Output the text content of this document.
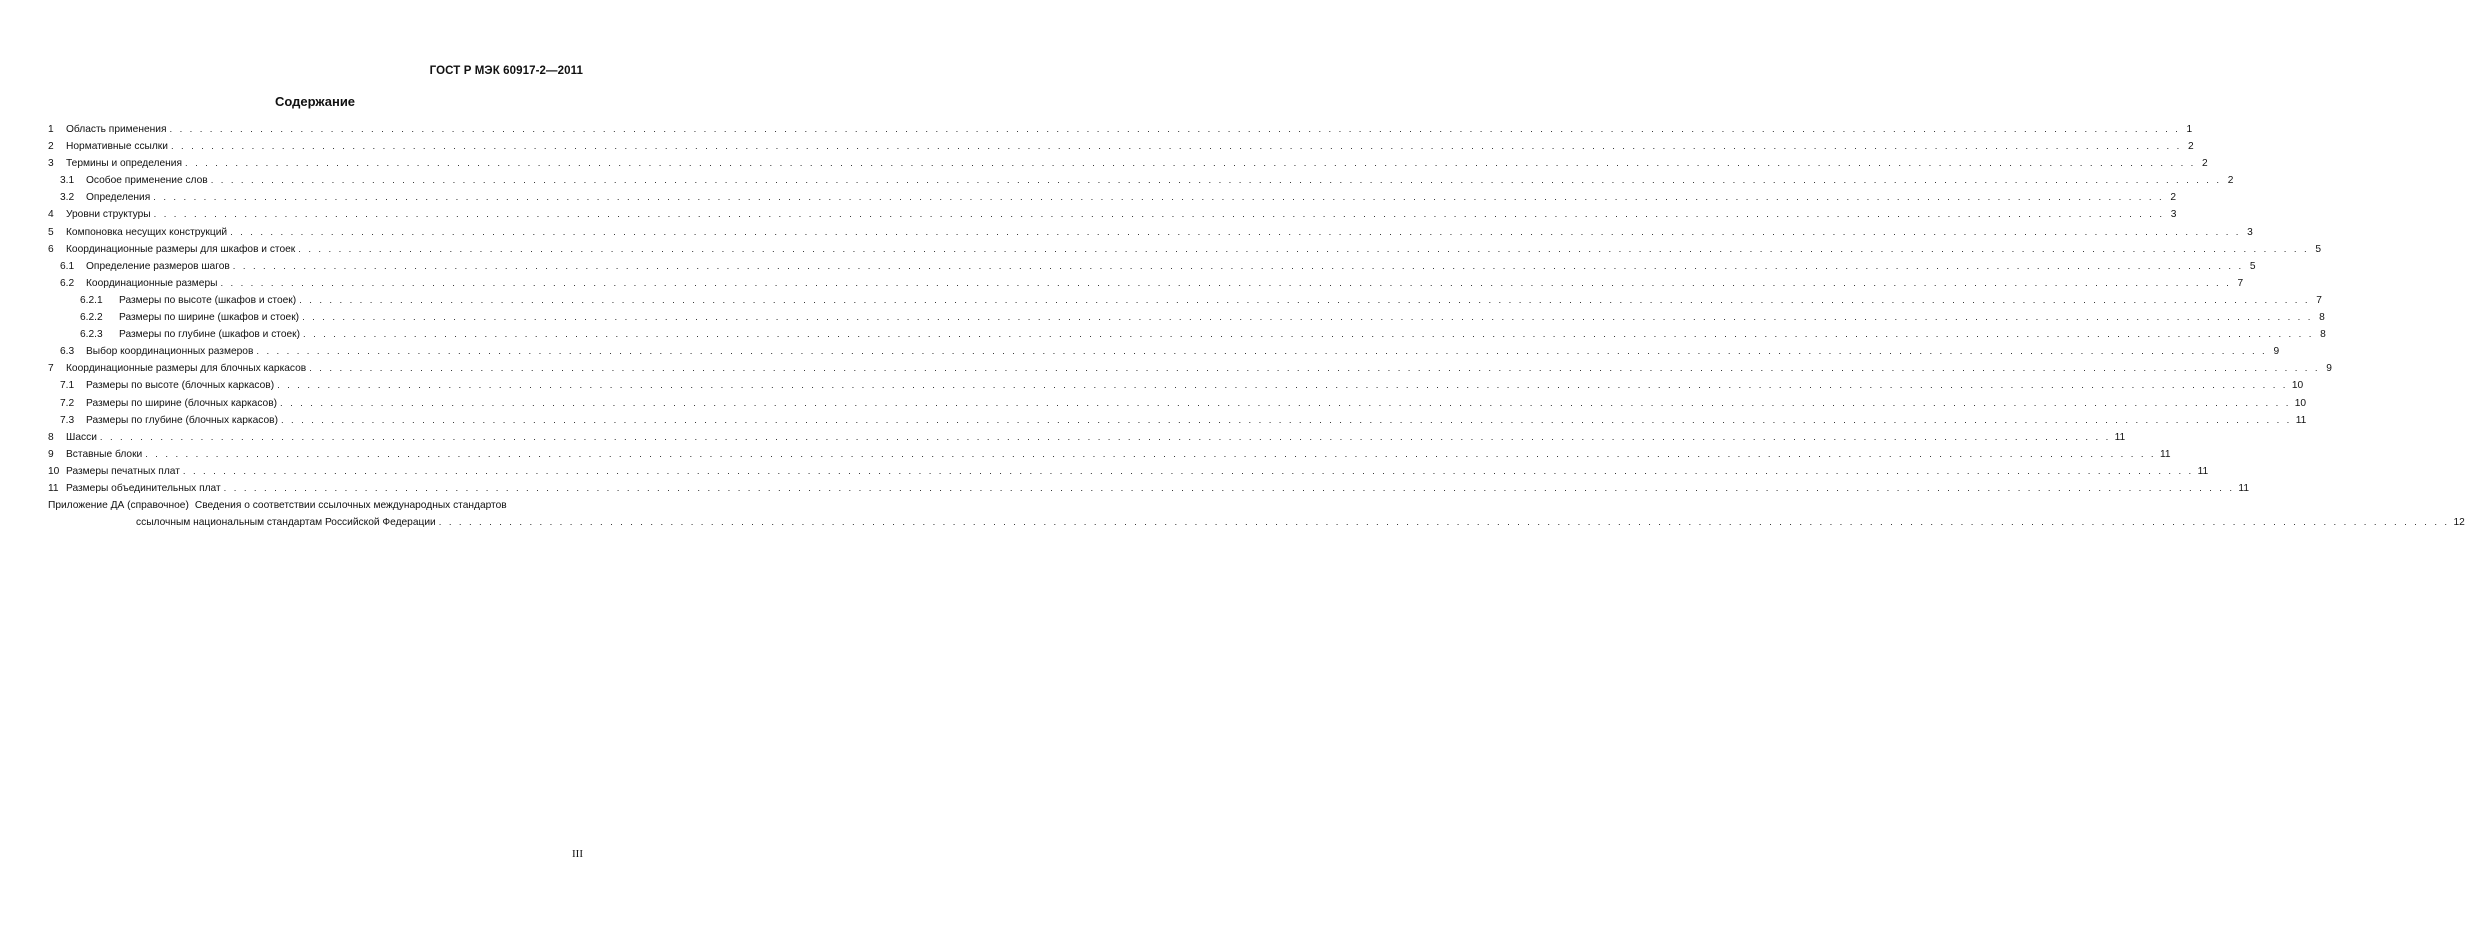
ГОСТ Р МЭК 60917-2—2011
Содержание
1	Область применения . . . . . . . . . . . . . . . . . . . . . . . . . . . . . . . . . . . . . . . . . . . . . . . . . . . . . . . . . . . . . . . . . . . . . . . . . . . . . . . . . . . . . . . . . . . . . . . . . . . . . . . . . . . . . . . . . . . . . . . . . . . . . . . . . . . . . . . . . . . . . . . . . . . . . . . . . . . . . . . . . . . . . . . . . . . . . . . . . . . . . . . . . . . . . . . . . . . . . . . . 1
2	Нормативные ссылки . . . . . . . . . . . . . . . . . . . . . . . . . . . . . . . . . . . . . . . . . . . . . . . . . . . . . . . . . . . . . . . . . . . . . . . . . . . . . . . . . . . . . . . . . . . . . . . . . . . . . . . . . . . . . . . . . . . . . . . . . . . . . . . . . . . . . . . . . . . . . . . . . . . . . . . . . . . . . . . . . . . . . . . . . . . . . . . . . . . . . . . . . . . . . . . . . . . . . . . . 2
3	Термины и определения . . . . . . . . . . . . . . . . . . . . . . . . . . . . . . . . . . . . . . . . . . . . . . . . . . . . . . . . . . . . . . . . . . . . . . . . . . . . . . . . . . . . . . . . . . . . . . . . . . . . . . . . . . . . . . . . . . . . . . . . . . . . . . . . . . . . . . . . . . . . . . . . . . . . . . . . . . . . . . . . . . . . . . . . . . . . . . . . . . . . . . . . . . . . . . . . . . . . . . . . 2
3.1	Особое применение слов . . . . . . . . . . . . . . . . . . . . . . . . . . . . . . . . . . . . . . . . . . . . . . . . . . . . . . . . . . . . . . . . . . . . . . . . . . . . . . . . . . . . . . . . . . . . . . . . . . . . . . . . . . . . . . . . . . . . . . . . . . . . . . . . . . . . . . . . . . . . . . . . . . . . . . . . . . . . . . . . . . . . . . . . . . . . . . . . . . . . . . . . . . . . . . . . . . . . . . . . 2
3.2	Определения . . . . . . . . . . . . . . . . . . . . . . . . . . . . . . . . . . . . . . . . . . . . . . . . . . . . . . . . . . . . . . . . . . . . . . . . . . . . . . . . . . . . . . . . . . . . . . . . . . . . . . . . . . . . . . . . . . . . . . . . . . . . . . . . . . . . . . . . . . . . . . . . . . . . . . . . . . . . . . . . . . . . . . . . . . . . . . . . . . . . . . . . . . . . . . . . . . . . . . . . 2
4	Уровни структуры . . . . . . . . . . . . . . . . . . . . . . . . . . . . . . . . . . . . . . . . . . . . . . . . . . . . . . . . . . . . . . . . . . . . . . . . . . . . . . . . . . . . . . . . . . . . . . . . . . . . . . . . . . . . . . . . . . . . . . . . . . . . . . . . . . . . . . . . . . . . . . . . . . . . . . . . . . . . . . . . . . . . . . . . . . . . . . . . . . . . . . . . . . . . . . . . . . . . . . . . 3
5	Компоновка несущих конструкций . . . . . . . . . . . . . . . . . . . . . . . . . . . . . . . . . . . . . . . . . . . . . . . . . . . . . . . . . . . . . . . . . . . . . . . . . . . . . . . . . . . . . . . . . . . . . . . . . . . . . . . . . . . . . . . . . . . . . . . . . . . . . . . . . . . . . . . . . . . . . . . . . . . . . . . . . . . . . . . . . . . . . . . . . . . . . . . . . . . . . . . . . . . . . . . . . . . . . . . . 3
6	Координационные размеры для шкафов и стоек . . . . . . . . . . . . . . . . . . . . . . . . . . . . . . . . . . . . . . . . . . . . . . . . . . . . . . . . . . . . . . . . . . . . . . . . . . . . . . . . . . . . . . . . . . . . . . . . . . . . . . . . . . . . . . . . . . . . . . . . . . . . . . . . . . . . . . . . . . . . . . . . . . . . . . . . . . . . . . . . . . . . . . . . . . . . . . . . . . . . . . . . . . . . . . . . . . . . . . . . 5
6.1	Определение размеров шагов . . . . . . . . . . . . . . . . . . . . . . . . . . . . . . . . . . . . . . . . . . . . . . . . . . . . . . . . . . . . . . . . . . . . . . . . . . . . . . . . . . . . . . . . . . . . . . . . . . . . . . . . . . . . . . . . . . . . . . . . . . . . . . . . . . . . . . . . . . . . . . . . . . . . . . . . . . . . . . . . . . . . . . . . . . . . . . . . . . . . . . . . . . . . . . . . . . . . . . . . 5
6.2	Координационные размеры . . . . . . . . . . . . . . . . . . . . . . . . . . . . . . . . . . . . . . . . . . . . . . . . . . . . . . . . . . . . . . . . . . . . . . . . . . . . . . . . . . . . . . . . . . . . . . . . . . . . . . . . . . . . . . . . . . . . . . . . . . . . . . . . . . . . . . . . . . . . . . . . . . . . . . . . . . . . . . . . . . . . . . . . . . . . . . . . . . . . . . . . . . . . . . . . . . . . . . . . 7
6.2.1	Размеры по высоте (шкафов и стоек) . . . . . . . . . . . . . . . . . . . . . . . . . . . . . . . . . . . . . . . . . . . . . . . . . . . . . . . . . . . . . . . . . . . . . . . . . . . . . . . . . . . . . . . . . . . . . . . . . . . . . . . . . . . . . . . . . . . . . . . . . . . . . . . . . . . . . . . . . . . . . . . . . . . . . . . . . . . . . . . . . . . . . . . . . . . . . . . . . . . . . . . . . . . . . . . . . . . . . . . . 7
6.2.2	Размеры по ширине (шкафов и стоек) . . . . . . . . . . . . . . . . . . . . . . . . . . . . . . . . . . . . . . . . . . . . . . . . . . . . . . . . . . . . . . . . . . . . . . . . . . . . . . . . . . . . . . . . . . . . . . . . . . . . . . . . . . . . . . . . . . . . . . . . . . . . . . . . . . . . . . . . . . . . . . . . . . . . . . . . . . . . . . . . . . . . . . . . . . . . . . . . . . . . . . . . . . . . . . . . . . . . . . . . 8
6.2.3	Размеры по глубине (шкафов и стоек) . . . . . . . . . . . . . . . . . . . . . . . . . . . . . . . . . . . . . . . . . . . . . . . . . . . . . . . . . . . . . . . . . . . . . . . . . . . . . . . . . . . . . . . . . . . . . . . . . . . . . . . . . . . . . . . . . . . . . . . . . . . . . . . . . . . . . . . . . . . . . . . . . . . . . . . . . . . . . . . . . . . . . . . . . . . . . . . . . . . . . . . . . . . . . . . . . . . . . . . . 8
6.3	Выбор координационных размеров . . . . . . . . . . . . . . . . . . . . . . . . . . . . . . . . . . . . . . . . . . . . . . . . . . . . . . . . . . . . . . . . . . . . . . . . . . . . . . . . . . . . . . . . . . . . . . . . . . . . . . . . . . . . . . . . . . . . . . . . . . . . . . . . . . . . . . . . . . . . . . . . . . . . . . . . . . . . . . . . . . . . . . . . . . . . . . . . . . . . . . . . . . . . . . . . . . . . . . . . 9
7	Координационные размеры для блочных каркасов . . . . . . . . . . . . . . . . . . . . . . . . . . . . . . . . . . . . . . . . . . . . . . . . . . . . . . . . . . . . . . . . . . . . . . . . . . . . . . . . . . . . . . . . . . . . . . . . . . . . . . . . . . . . . . . . . . . . . . . . . . . . . . . . . . . . . . . . . . . . . . . . . . . . . . . . . . . . . . . . . . . . . . . . . . . . . . . . . . . . . . . . . . . . . . . . . . . . . . . . 9
7.1	Размеры по высоте (блочных каркасов) . . . . . . . . . . . . . . . . . . . . . . . . . . . . . . . . . . . . . . . . . . . . . . . . . . . . . . . . . . . . . . . . . . . . . . . . . . . . . . . . . . . . . . . . . . . . . . . . . . . . . . . . . . . . . . . . . . . . . . . . . . . . . . . . . . . . . . . . . . . . . . . . . . . . . . . . . . . . . . . . . . . . . . . . . . . . . . . . . . . . . . . . . . . . . . . . . . . . . . . . 10
7.2	Размеры по ширине (блочных каркасов) . . . . . . . . . . . . . . . . . . . . . . . . . . . . . . . . . . . . . . . . . . . . . . . . . . . . . . . . . . . . . . . . . . . . . . . . . . . . . . . . . . . . . . . . . . . . . . . . . . . . . . . . . . . . . . . . . . . . . . . . . . . . . . . . . . . . . . . . . . . . . . . . . . . . . . . . . . . . . . . . . . . . . . . . . . . . . . . . . . . . . . . . . . . . . . . . . . . . . . . . 10
7.3	Размеры по глубине (блочных каркасов) . . . . . . . . . . . . . . . . . . . . . . . . . . . . . . . . . . . . . . . . . . . . . . . . . . . . . . . . . . . . . . . . . . . . . . . . . . . . . . . . . . . . . . . . . . . . . . . . . . . . . . . . . . . . . . . . . . . . . . . . . . . . . . . . . . . . . . . . . . . . . . . . . . . . . . . . . . . . . . . . . . . . . . . . . . . . . . . . . . . . . . . . . . . . . . . . . . . . . . . . 11
8	Шасси . . . . . . . . . . . . . . . . . . . . . . . . . . . . . . . . . . . . . . . . . . . . . . . . . . . . . . . . . . . . . . . . . . . . . . . . . . . . . . . . . . . . . . . . . . . . . . . . . . . . . . . . . . . . . . . . . . . . . . . . . . . . . . . . . . . . . . . . . . . . . . . . . . . . . . . . . . . . . . . . . . . . . . . . . . . . . . . . . . . . . . . . . . . . . . . . . . . . . . . . 11
9	Вставные блоки . . . . . . . . . . . . . . . . . . . . . . . . . . . . . . . . . . . . . . . . . . . . . . . . . . . . . . . . . . . . . . . . . . . . . . . . . . . . . . . . . . . . . . . . . . . . . . . . . . . . . . . . . . . . . . . . . . . . . . . . . . . . . . . . . . . . . . . . . . . . . . . . . . . . . . . . . . . . . . . . . . . . . . . . . . . . . . . . . . . . . . . . . . . . . . . . . . . . . . . . 11
10 Размеры печатных плат . . . . . . . . . . . . . . . . . . . . . . . . . . . . . . . . . . . . . . . . . . . . . . . . . . . . . . . . . . . . . . . . . . . . . . . . . . . . . . . . . . . . . . . . . . . . . . . . . . . . . . . . . . . . . . . . . . . . . . . . . . . . . . . . . . . . . . . . . . . . . . . . . . . . . . . . . . . . . . . . . . . . . . . . . . . . . . . . . . . . . . . . . . . . . . . . . . . . . . . . 11
11 Размеры объединительных плат . . . . . . . . . . . . . . . . . . . . . . . . . . . . . . . . . . . . . . . . . . . . . . . . . . . . . . . . . . . . . . . . . . . . . . . . . . . . . . . . . . . . . . . . . . . . . . . . . . . . . . . . . . . . . . . . . . . . . . . . . . . . . . . . . . . . . . . . . . . . . . . . . . . . . . . . . . . . . . . . . . . . . . . . . . . . . . . . . . . . . . . . . . . . . . . . . . . . . . . . 11
Приложение ДА (справочное) Сведения о соответствии ссылочных международных стандартов
ссылочным национальным стандартам Российской Федерации . . . . . . . . . . . . . . . . . . . . . . . . . . . . . . . . . . . . . . . . . . . . . . . . . . . . . . . . . . . . . . . . . . . . . . . . . . . . . . . . . . . . . . . . . . . . . . . . . . . . . . . . . . . . . . . . . . . . . . . . . . . . . . . . . . . . . . . . . . . . . . . . . . . . . . . . . . . . . . . . . . . . . . . . . . . . . . . . . . . . . . . . . . . . . . . . . . . . . . . . 12
III
